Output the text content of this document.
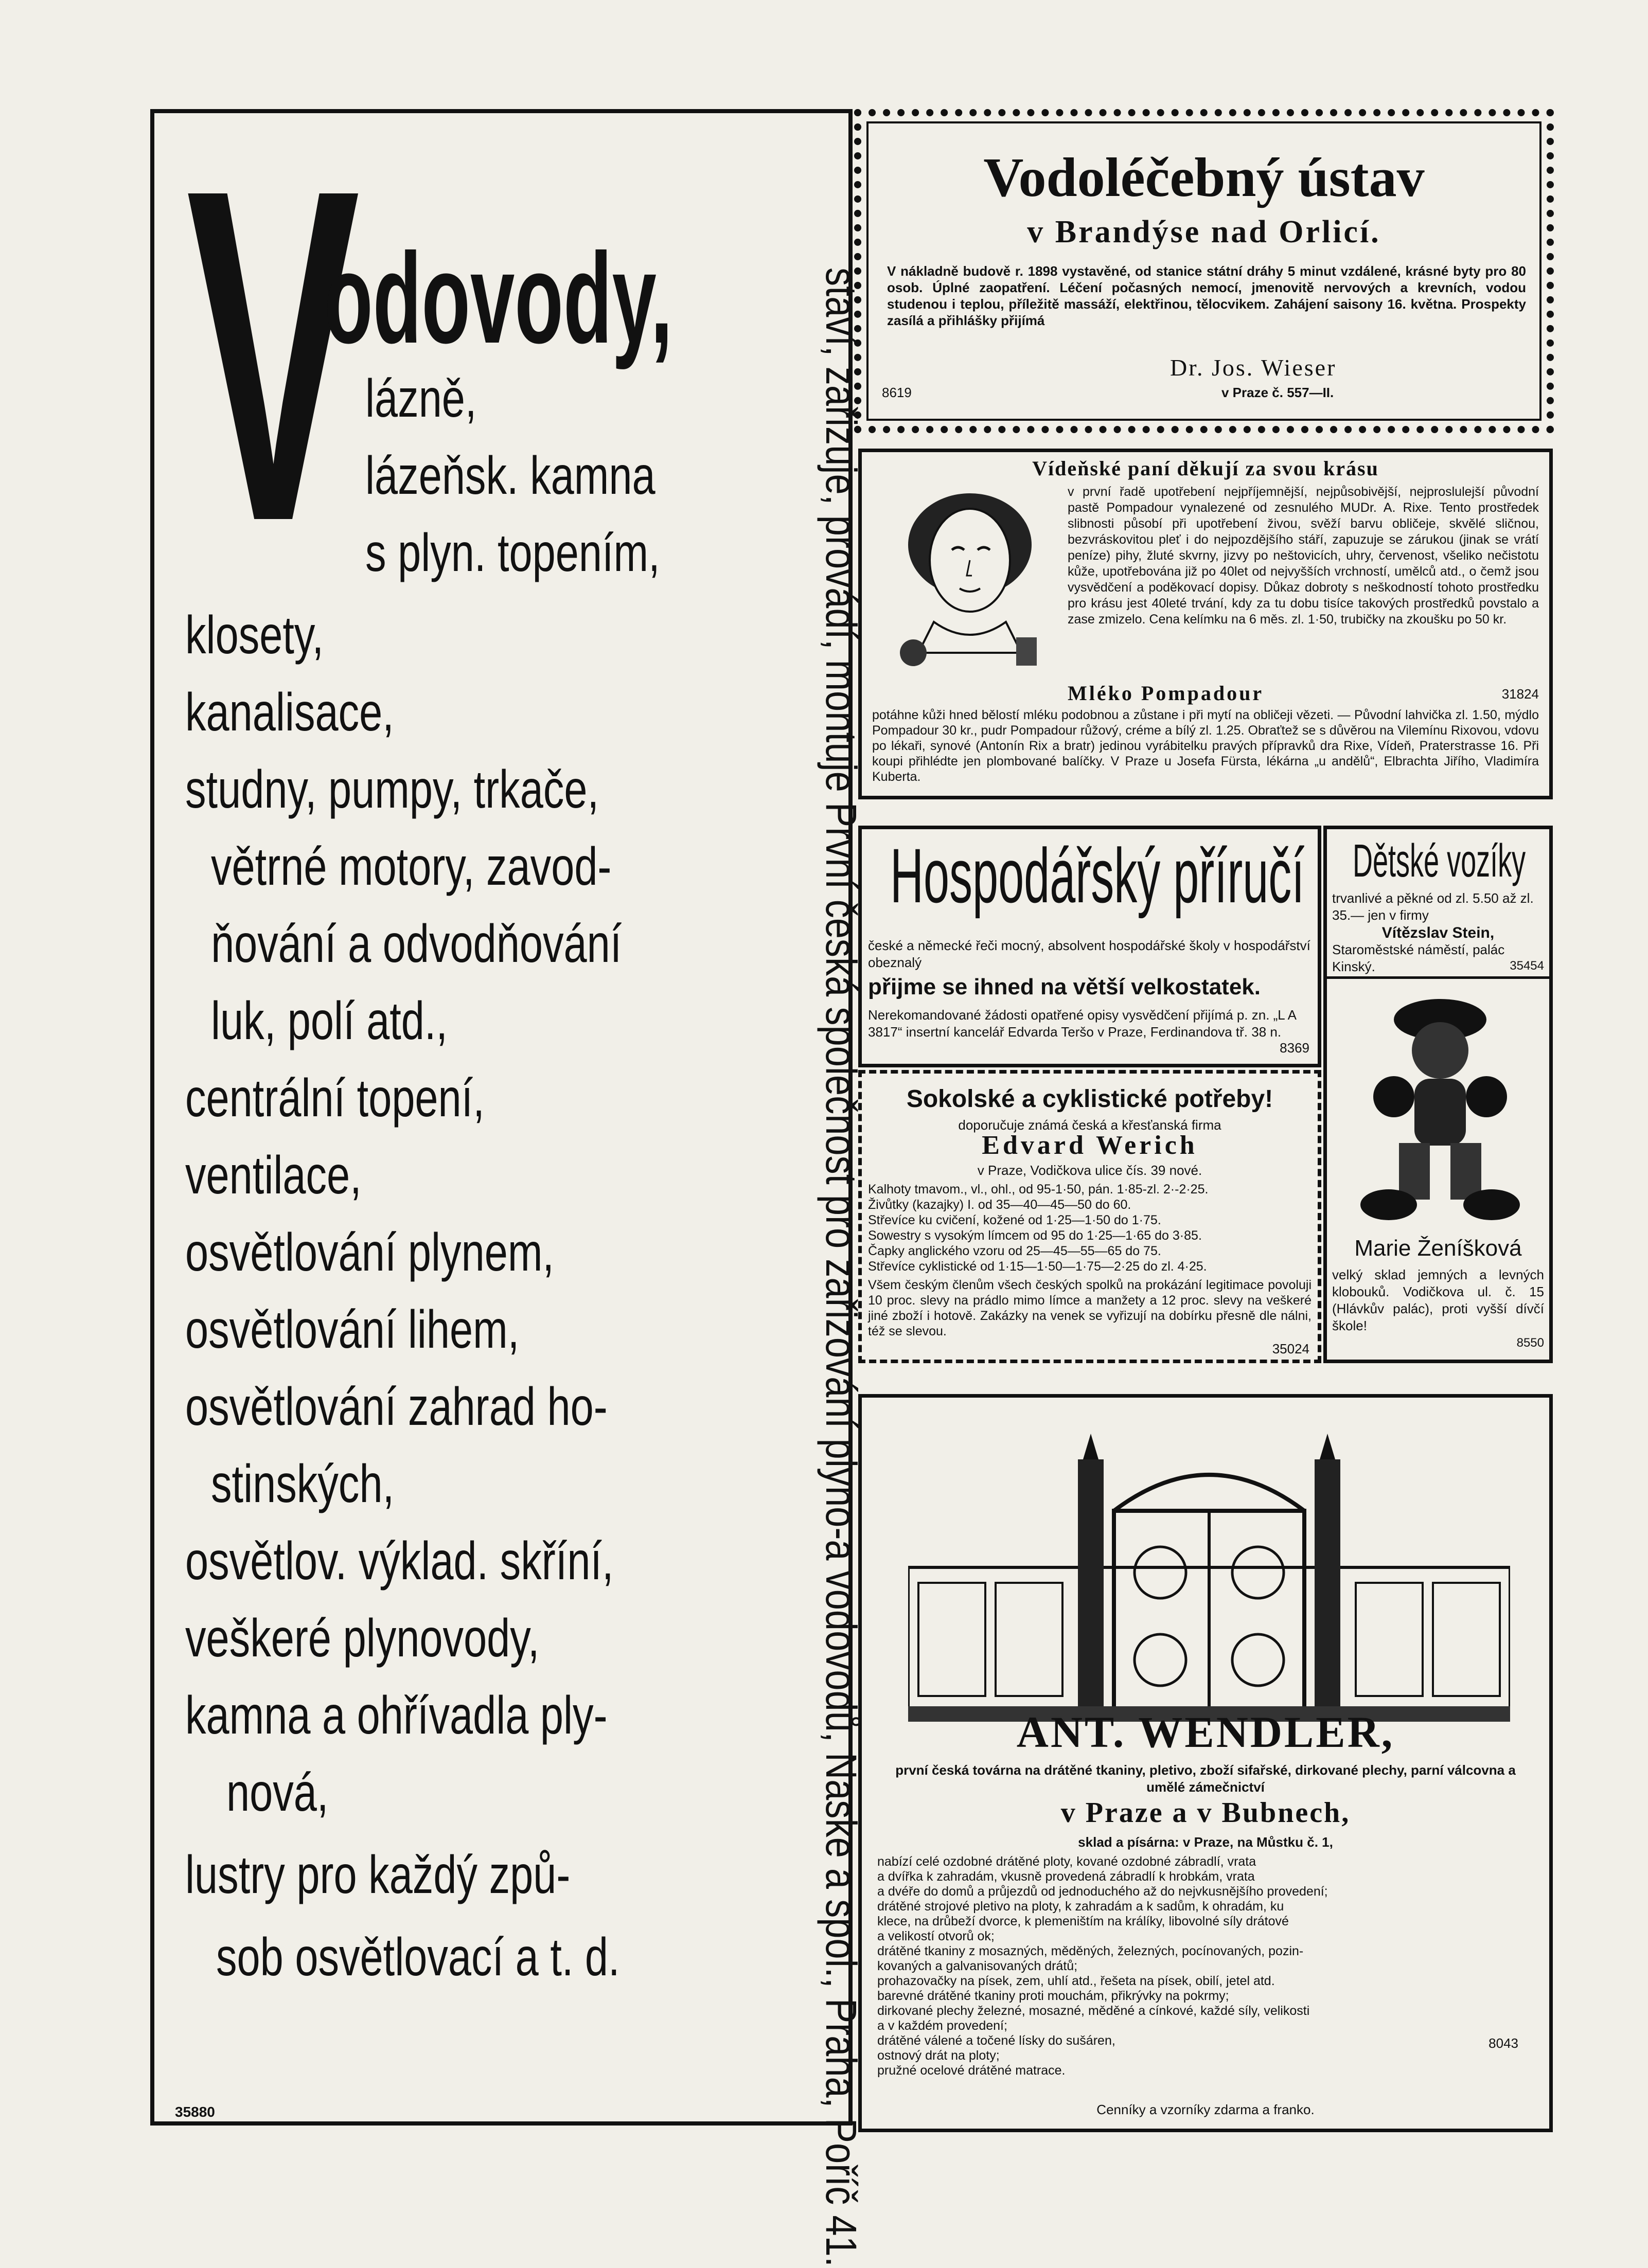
V
odovody,
lázně,
lázeňsk. kamna
s plyn. topením,
klosety,
kanalisace,
studny, pumpy, trkače,
větrné motory, zavod-
ňování a odvodňování
luk, polí atd.,
centrální topení,
ventilace,
osvětlování plynem,
osvětlování lihem,
osvětlování zahrad ho-
stinských,
osvětlov. výklad. skříní,
veškeré plynovody,
kamna a ohřívadla ply-
nová,
lustry pro každý způ-
sob osvětlovací a t. d.	staví, zařizuje, provádí, montuje První česká společnost pro zařizování plyno-a vodovodů, Naske a spol., Praha, Poříč 41.
35880
Vodoléčebný ústav
v Brandýse nad Orlicí.
V nákladně budově r. 1898 vystavěné, od stanice státní dráhy 5 minut vzdálené, krásné byty pro 80 osob. Úplné zaopatření. Léčení počasných nemocí, jmenovitě nervových a krevních, vodou studenou i teplou, příležitě massáží, elektřinou, tělocvikem. Zahájení saisony 16. května. Prospekty zasílá a přihlášky přijímá
Dr. Jos. Wieser
v Praze č. 557—II.
8619
Vídeňské paní děkují za svou krásu
v první řadě upotřebení nejpříjemnější, nejpůsobivější, nejproslulejší původní pastě Pompadour vynalezené od zesnulého MUDr. A. Rixe. Tento prostředek slibnosti působí při upotřebení živou, svěží barvu obličeje, skvělé sličnou, bezvráskovitou pleť i do nejpozdějšího stáří, zapuzuje se zárukou (jinak se vrátí peníze) pihy, žluté skvrny, jizvy po neštovicích, uhry, červenost, všeliko nečistotu kůže, upotřebována již po 40let od nejvyšších vrchností, umělců atd., o čemž jsou vysvědčení a poděkovací dopisy. Důkaz dobroty s neškodností tohoto prostředku pro krásu jest 40leté trvání, kdy za tu dobu tisíce takových prostředků povstalo a zase zmizelo. Cena kelímku na 6 měs. zl. 1·50, trubičky na zkoušku po 50 kr.
Mléko Pompadour	31824
potáhne kůži hned bělostí mléku podobnou a zůstane i při mytí na obličeji vězeti. — Původní lahvička zl. 1.50, mýdlo Pompadour 30 kr., pudr Pompadour růžový, créme a bílý zl. 1.25. Obraťtež se s důvěrou na Vilemínu Rixovou, vdovu po lékaři, synové (Antonín Rix a bratr) jedinou vyrábitelku pravých přípravků dra Rixe, Vídeň, Praterstrasse 16. Při koupi přihlédte jen plombované balíčky. V Praze u Josefa Fürsta, lékárna „u andělů“, Elbrachta Jiřího, Vladimíra Kuberta.
Hospodářský příručí
české a německé řeči mocný, absolvent hospodářské školy v hospodářství obeznalý
přijme se ihned na větší velkostatek.
Nerekomandované žádosti opatřené opisy vysvědčení přijímá p. zn. „L A 3817“ insertní kancelář Edvarda Teršo v Praze, Ferdinandova tř. 38 n.
8369
Sokolské a cyklistické potřeby!
doporučuje známá česká a křesťanská firma
Edvard Werich
v Praze, Vodičkova ulice čís. 39 nové.
Kalhoty tmavom., vl., ohl., od 95-1·50, pán. 1·85-zl. 2·-2·25.
Živůtky (kazajky) I. od 35—40—45—50 do 60.
Střevíce ku cvičení, kožené od 1·25—1·50 do 1·75.
Sowestry s vysokým límcem od 95 do 1·25—1·65 do 3·85.
Čapky anglického vzoru od 25—45—55—65 do 75.
Střevíce cyklistické od 1·15—1·50—1·75—2·25 do zl. 4·25.
Všem českým členům všech českých spolků na prokázání legitimace povoluji 10 proc. slevy na prádlo mimo límce a manžety a 12 proc. slevy na veškeré jiné zboží i hotově. Zakázky na venek se vyřizují na dobírku přesně dle nálni, též se slevou.
35024
Dětské vozíky
trvanlivé a pěkné od zl. 5.50 až zl. 35.— jen v firmy
Vítězslav Stein,
Staroměstské náměstí, palác Kinský.	35454
Marie Ženíšková
velký sklad jemných a levných klobouků. Vodičkova ul. č. 15 (Hlávkův palác), proti vyšší dívčí škole!
8550
ANT. WENDLER,
první česká továrna na drátěné tkaniny, pletivo, zboží sifařské, dirkované plechy, parní válcovna a umělé zámečnictví
v Praze a v Bubnech,
sklad a písárna: v Praze, na Můstku č. 1,
nabízí celé ozdobné drátěné ploty, kované ozdobné zábradlí, vrata
a dvířka k zahradám, vkusně provedená zábradlí k hrobkám, vrata
a dvéře do domů a průjezdů od jednoduchého až do nejvkusnějšího provedení;
drátěné strojové pletivo na ploty, k zahradám a k sadům, k ohradám, ku
klece, na drůbeží dvorce, k plemeništím na králíky, libovolné síly drátové
a velikostí otvorů ok;
drátěné tkaniny z mosazných, měděných, železných, pocínovaných, pozin-
kovaných a galvanisovaných drátů;
prohazovačky na písek, zem, uhlí atd., řešeta na písek, obilí, jetel atd.
barevné drátěné tkaniny proti mouchám, přikrývky na pokrmy;
dirkované plechy železné, mosazné, měděné a cínkové, každé síly, velikosti
a v každém provedení;
drátěné válené a točené lísky do sušáren,
ostnový drát na ploty;
pružné ocelové drátěné matrace.
8043
Cenníky a vzorníky zdarma a franko.
